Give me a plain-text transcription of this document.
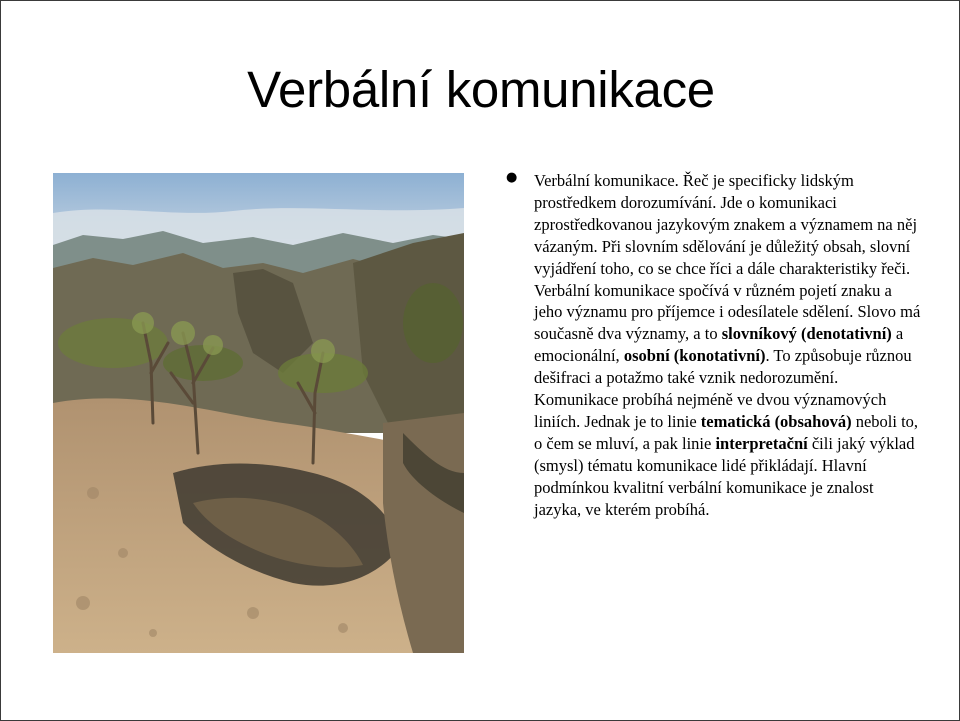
Verbální komunikace
● Verbální komunikace. Řeč je specificky lidským prostředkem dorozumívání. Jde o komunikaci zprostředkovanou jazykovým znakem a významem na něj vázaným. Při slovním sdělování je důležitý obsah, slovní vyjádření toho, co se chce říci a dále charakteristiky řeči. Verbální komunikace spočívá v různém pojetí znaku a jeho významu pro příjemce i odesílatele sdělení. Slovo má současně dva významy, a to slovníkový (denotativní) a emocionální, osobní (konotativní). To způsobuje různou dešifraci a potažmo také vznik nedorozumění. Komunikace probíhá nejméně ve dvou významových liniích. Jednak je to linie tematická (obsahová) neboli to, o čem se mluví, a pak linie interpretační čili jaký výklad (smysl) tématu komunikace lidé přikládají. Hlavní podmínkou kvalitní verbální komunikace je znalost jazyka, ve kterém probíhá.
